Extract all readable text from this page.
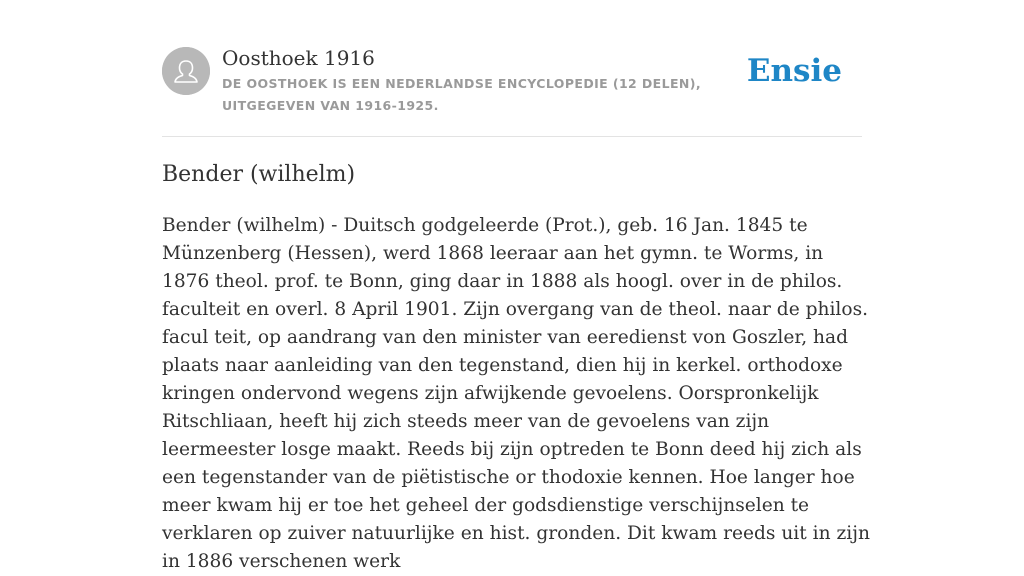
Oosthoek 1916
DE OOSTHOEK IS EEN NEDERLANDSE ENCYCLOPEDIE (12 DELEN), UITGEGEVEN VAN 1916-1925.
Ensie
Bender (wilhelm)

Bender (wilhelm) - Duitsch godgeleerde (Prot.), geb. 16 Jan. 1845 te Münzenberg (Hessen), werd 1868 leeraar aan het gymn. te Worms, in 1876 theol. prof. te Bonn, ging daar in 1888 als hoogl. over in de philos. faculteit en overl. 8 April 1901. Zijn overgang van de theol. naar de philos. facul teit, op aandrang van den minister van eeredienst von Goszler, had plaats naar aanleiding van den tegenstand, dien hij in kerkel. orthodoxe kringen ondervond wegens zijn afwijkende gevoelens. Oorspronkelijk Ritschliaan, heeft hij zich steeds meer van de gevoelens van zijn leermeester losge maakt. Reeds bij zijn optreden te Bonn deed hij zich als een tegenstander van de piëtistische or thodoxie kennen. Hoe langer hoe meer kwam hij er toe het geheel der godsdienstige verschijnselen te verklaren op zuiver natuurlijke en hist. gronden. Dit kwam reeds uit in zijn in 1886 verschenen werk
